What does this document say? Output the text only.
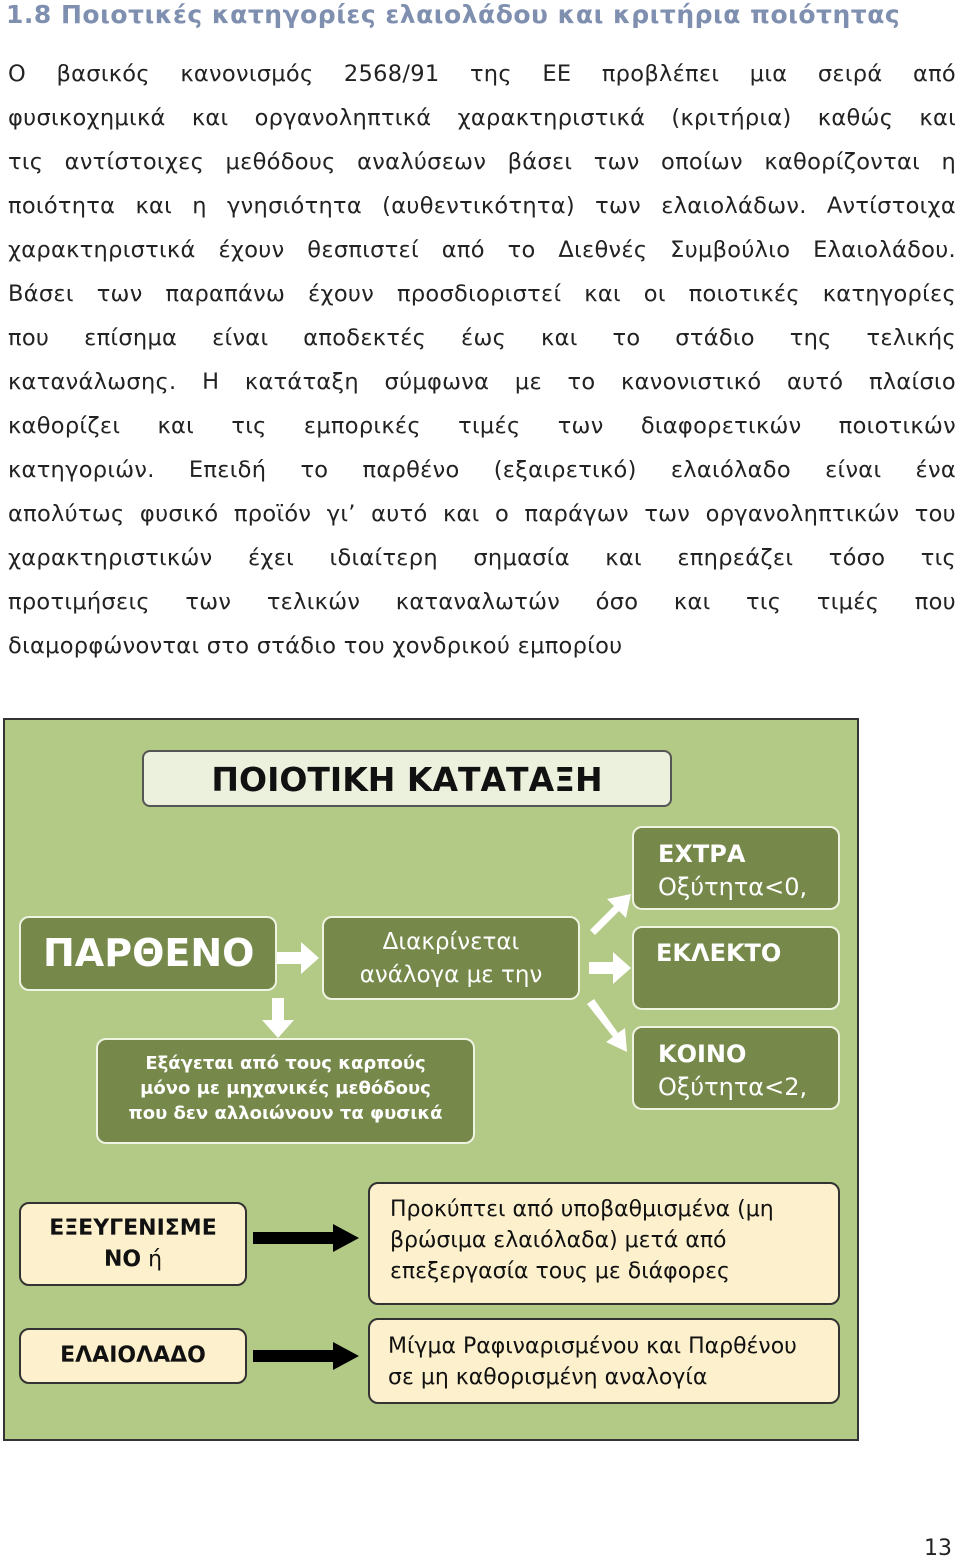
1.8 Ποιοτικές κατηγορίες ελαιολάδου και κριτήρια ποιότητας
Ο βασικός κανονισμός 2568/91 της ΕΕ προβλέπει μια σειρά από
φυσικοχημικά και οργανοληπτικά χαρακτηριστικά (κριτήρια) καθώς και
τις αντίστοιχες μεθόδους αναλύσεων βάσει των οποίων καθορίζονται η
ποιότητα και η γνησιότητα (αυθεντικότητα) των ελαιολάδων. Αντίστοιχα
χαρακτηριστικά έχουν θεσπιστεί από το Διεθνές Συμβούλιο Ελαιολάδου.
Βάσει των παραπάνω έχουν προσδιοριστεί και οι ποιοτικές κατηγορίες
που επίσημα είναι αποδεκτές έως και το στάδιο της τελικής
κατανάλωσης. Η κατάταξη σύμφωνα με το κανονιστικό αυτό πλαίσιο
καθορίζει και τις εμπορικές τιμές των διαφορετικών ποιοτικών
κατηγοριών. Επειδή το παρθένο (εξαιρετικό) ελαιόλαδο είναι ένα
απολύτως φυσικό προϊόν γι’ αυτό και ο παράγων των οργανοληπτικών του
χαρακτηριστικών έχει ιδιαίτερη σημασία και επηρεάζει τόσο τις
προτιμήσεις των τελικών καταναλωτών όσο και τις τιμές που
διαμορφώνονται στο στάδιο του χονδρικού εμπορίου
ΠΟΙΟΤΙΚΗ ΚΑΤΑΤΑΞΗ
ΠΑΡΘΕΝΟ	Διακρίνεται
ανάλογα με την
ΕΧΤΡΑ
Οξύτητα<0,
ΕΚΛΕΚΤΟ
ΚΟΙΝΟ
Οξύτητα<2,
Εξάγεται από τους καρπούς
μόνο με μηχανικές μεθόδους
που δεν αλλοιώνουν τα φυσικά
ΕΞΕΥΓΕΝΙΣΜΕ
ΝΟ ή
ΕΛΑΙΟΛΑΔΟ
Προκύπτει από υποβαθμισμένα (μη
βρώσιμα ελαιόλαδα) μετά από
επεξεργασία τους με διάφορες
Μίγμα Ραφιναρισμένου και Παρθένου
σε μη καθορισμένη αναλογία
13
